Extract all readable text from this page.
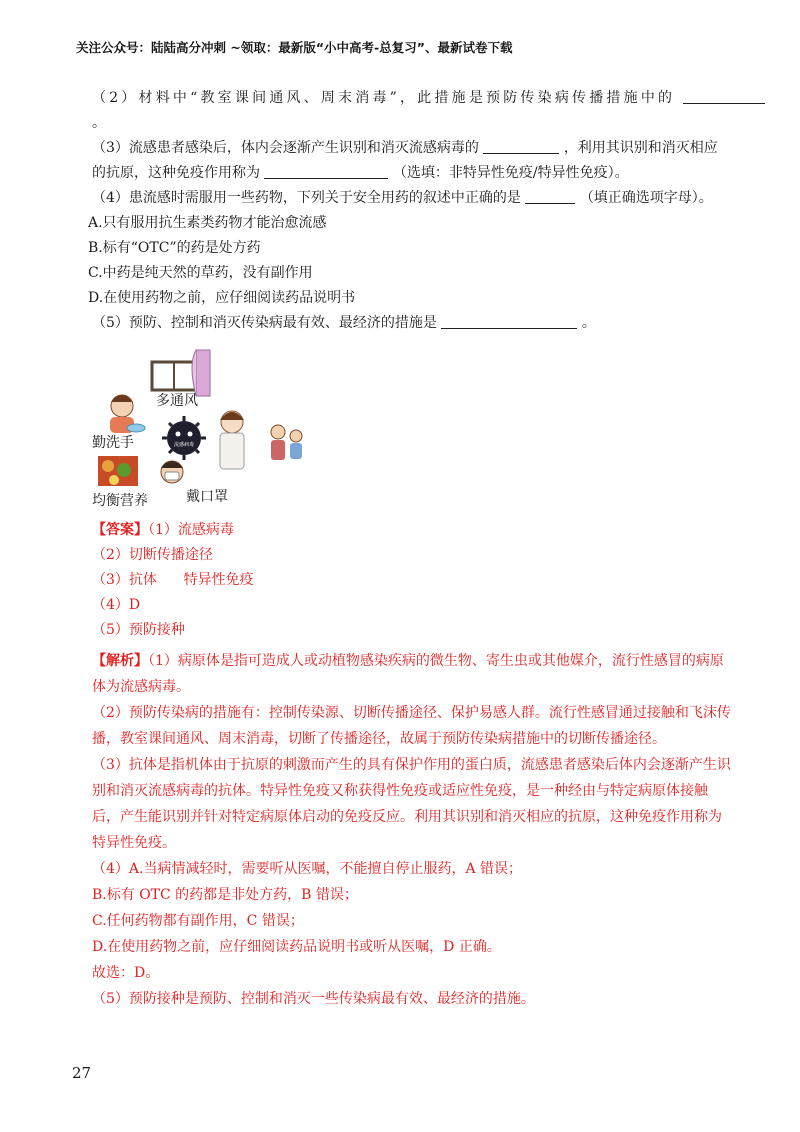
关注公众号：陆陆高分冲刺 ~领取：最新版“小中高考-总复习”、最新试卷下载
（2）材料中“教室课间通风、周末消毒”，此措施是预防传染病传播措施中的
。
（3）流感患者感染后，体内会逐渐产生识别和消灭流感病毒的	，利用其识别和消灭相应
的抗原，这种免疫作用称为	（选填：非特异性免疫/特异性免疫）。
（4）患流感时需服用一些药物，下列关于安全用药的叙述中正确的是	（填正确选项字母）。
A.只有服用抗生素类药物才能治愈流感
B.标有“OTC”的药是处方药
C.中药是纯天然的草药，没有副作用
D.在使用药物之前，应仔细阅读药品说明书
（5）预防、控制和消灭传染病最有效、最经济的措施是	。
流感病毒
多通风
勤洗手
均衡营养	戴口罩
【答案】（1）流感病毒
（2）切断传播途径
（3）抗体      特异性免疫
（4）D
（5）预防接种
【解析】（1）病原体是指可造成人或动植物感染疾病的微生物、寄生虫或其他媒介，流行性感冒的病原体为流感病毒。
（2）预防传染病的措施有：控制传染源、切断传播途径、保护易感人群。流行性感冒通过接触和飞沫传播，教室课间通风、周末消毒，切断了传播途径，故属于预防传染病措施中的切断传播途径。
（3）抗体是指机体由于抗原的刺激而产生的具有保护作用的蛋白质，流感患者感染后体内会逐渐产生识别和消灭流感病毒的抗体。特异性免疫又称获得性免疫或适应性免疫，是一种经由与特定病原体接触后，产生能识别并针对特定病原体启动的免疫反应。利用其识别和消灭相应的抗原，这种免疫作用称为特异性免疫。
（4）A.当病情减轻时，需要听从医嘱，不能擅自停止服药，A 错误；
B.标有 OTC 的药都是非处方药，B 错误；
C.任何药物都有副作用，C 错误；
D.在使用药物之前，应仔细阅读药品说明书或听从医嘱，D 正确。
故选：D。
（5）预防接种是预防、控制和消灭一些传染病最有效、最经济的措施。
27
